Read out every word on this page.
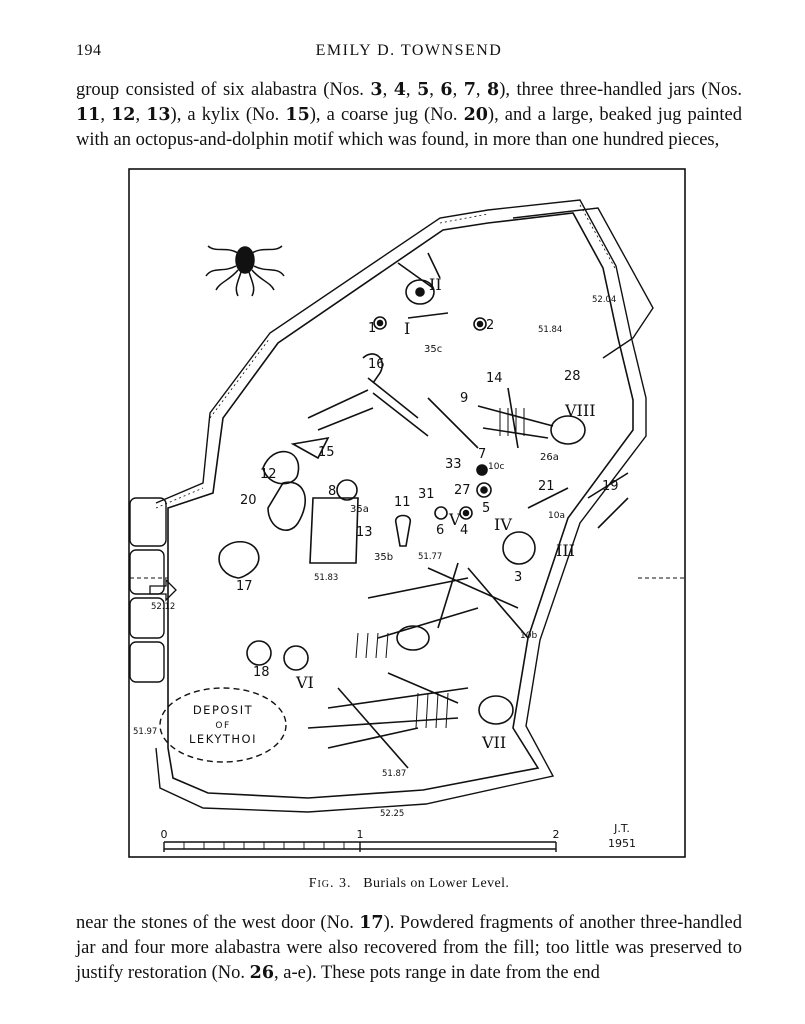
194	EMILY D. TOWNSEND

group consisted of six alabastra (Nos. 3, 4, 5, 6, 7, 8), three three-handled jars (Nos. 11, 12, 13), a kylix (No. 15), a coarse jug (No. 20), and a large, beaked jug painted with an octopus-and-dolphin motif which was found, in more than one hundred pieces,

DEPOSIT
OF
LEKYTHOI
J.T.
1951
0	1	2
52.04
51.84
51.83
51.77
52.12
51.97
51.87
52.25
I
II
III
IV
V
VI
VII
VIII
1	2
3
4
5
6
7
8
9
11
12
13
14
15
16
17
18
20
21
26a
27
28
31
33
35a
35b
35c
10a
10b
10c
19
Fig. 3. Burials on Lower Level.

near the stones of the west door (No. 17). Powdered fragments of another three-handled jar and four more alabastra were also recovered from the fill; too little was preserved to justify restoration (No. 26, a-e). These pots range in date from the end
